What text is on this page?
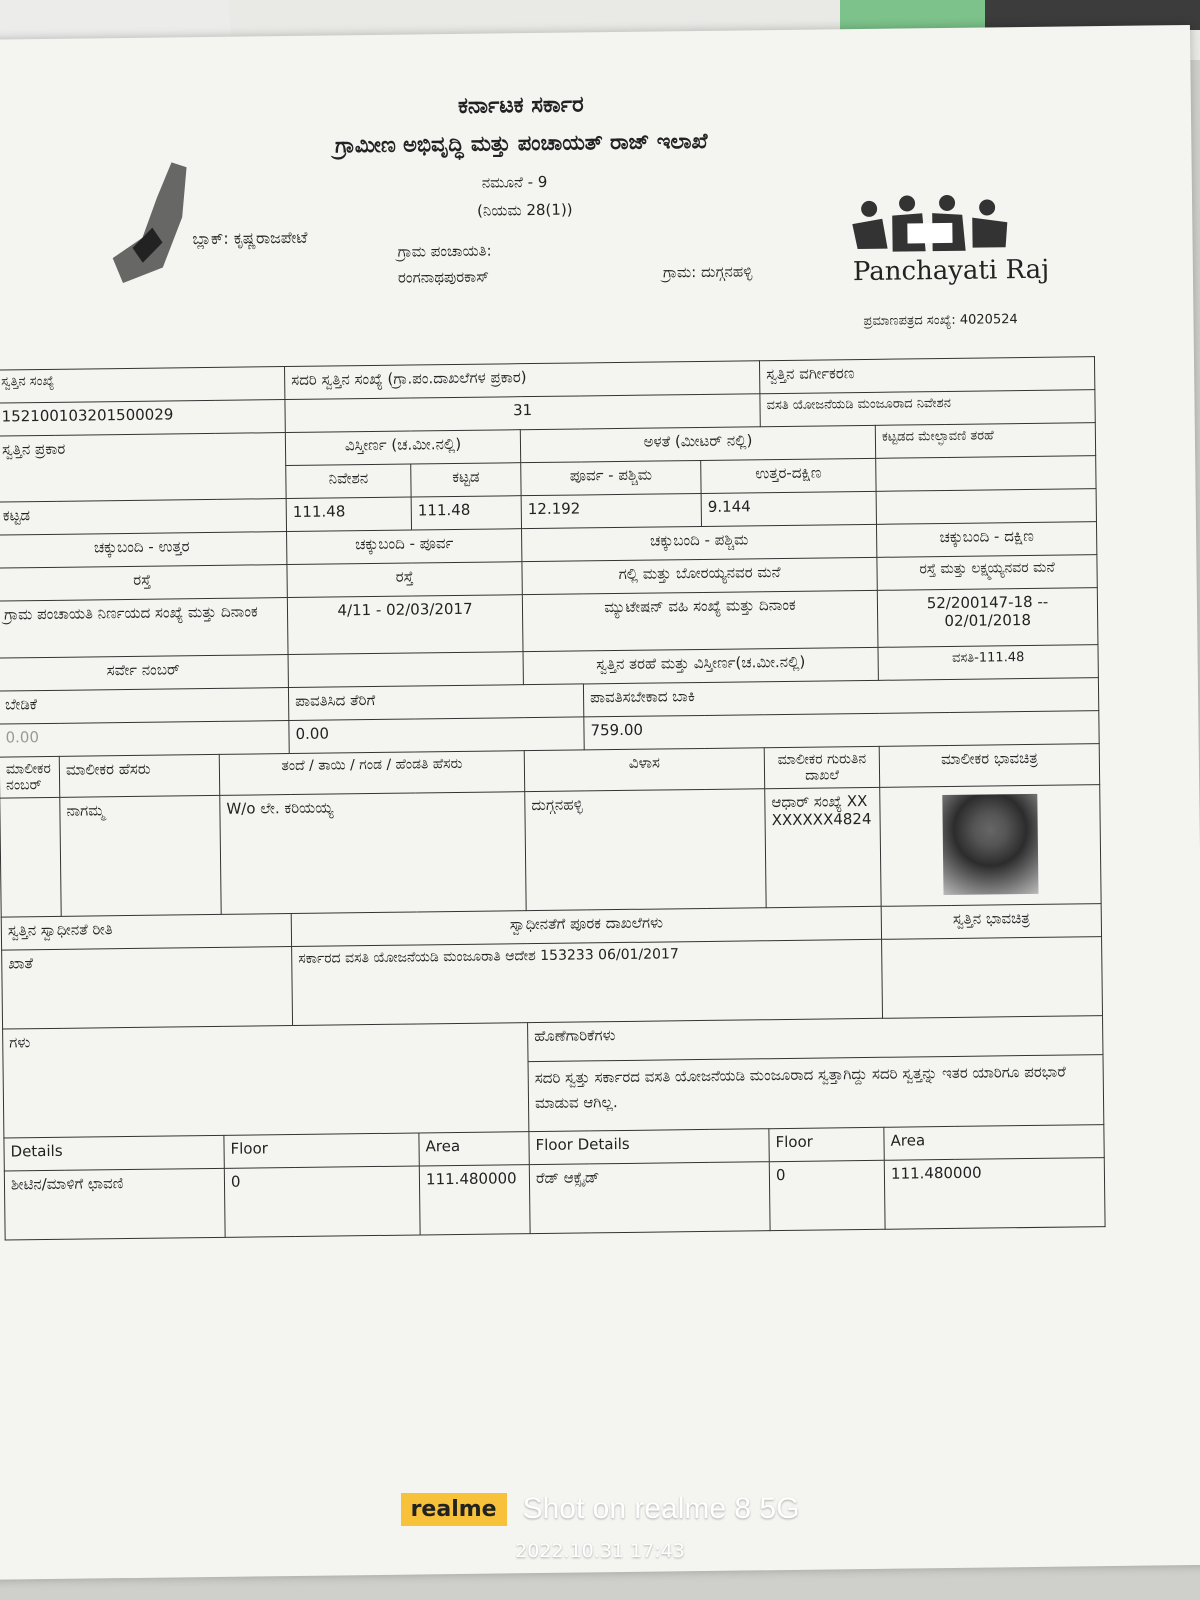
ಕರ್ನಾಟಕ ಸರ್ಕಾರ
ಗ್ರಾಮೀಣ ಅಭಿವೃದ್ಧಿ ಮತ್ತು ಪಂಚಾಯತ್ ರಾಜ್ ಇಲಾಖೆ
ನಮೂನೆ - 9
(ನಿಯಮ 28(1))
ಬ್ಲಾಕ್: ಕೃಷ್ಣರಾಜಪೇಟೆ
ಗ್ರಾಮ ಪಂಚಾಯತಿ:
ರಂಗನಾಥಪುರಕಾಸ್	ಗ್ರಾಮ: ದುಗ್ಗನಹಳ್ಳಿ	Panchayati Raj
ಪ್ರಮಾಣಪತ್ರದ ಸಂಖ್ಯೆ: 4020524
ಸ್ವತ್ತಿನ ಸಂಖ್ಯೆ			ಸದರಿ ಸ್ವತ್ತಿನ ಸಂಖ್ಯೆ (ಗ್ರಾ.ಪಂ.ದಾಖಲೆಗಳ ಪ್ರಕಾರ)					ಸ್ವತ್ತಿನ ವರ್ಗೀಕರಣ	
152100103201500029			31					ವಸತಿ ಯೋಜನೆಯಡಿ ಮಂಜೂರಾದ ನಿವೇಶನ	
ಸ್ವತ್ತಿನ ಪ್ರಕಾರ			ವಿಸ್ತೀರ್ಣ (ಚ.ಮೀ.ನಲ್ಲಿ)		ಅಳತೆ (ಮೀಟರ್ ನಲ್ಲಿ)				ಕಟ್ಟಡದ ಮೇಲ್ಛಾವಣಿ ತರಹೆ
			ನಿವೇಶನ	ಕಟ್ಟಡ	ಪೂರ್ವ - ಪಶ್ಚಿಮ		ಉತ್ತರ-ದಕ್ಷಿಣ		
ಕಟ್ಟಡ			111.48	111.48	12.192		9.144		
ಚಕ್ಕುಬಂದಿ - ಉತ್ತರ			ಚಕ್ಕುಬಂದಿ - ಪೂರ್ವ		ಚಕ್ಕುಬಂದಿ - ಪಶ್ಚಿಮ				ಚಕ್ಕುಬಂದಿ - ದಕ್ಷಿಣ
ರಸ್ತೆ			ರಸ್ತೆ		ಗಲ್ಲಿ ಮತ್ತು ಬೋರಯ್ಯನವರ ಮನೆ				ರಸ್ತೆ ಮತ್ತು ಲಕ್ಷ್ಮಯ್ಯನವರ ಮನೆ
ಗ್ರಾಮ ಪಂಚಾಯತಿ ನಿರ್ಣಯದ ಸಂಖ್ಯೆ ಮತ್ತು ದಿನಾಂಕ			4/11 - 02/03/2017		ಮ್ಯುಟೇಷನ್ ವಹಿ ಸಂಖ್ಯೆ ಮತ್ತು ದಿನಾಂಕ				52/200147-18 -- 02/01/2018
ಸರ್ವೇ ನಂಬರ್					ಸ್ವತ್ತಿನ ತರಹೆ ಮತ್ತು ವಿಸ್ತೀರ್ಣ(ಚ.ಮೀ.ನಲ್ಲಿ)				ವಸತಿ-111.48
ಬೇಡಿಕೆ			ಪಾವತಿಸಿದ ತೆರಿಗೆ			ಪಾವತಿಸಬೇಕಾದ ಬಾಕಿ			
0.00			0.00			759.00			
ಮಾಲೀಕರ ನಂಬರ್	ಮಾಲೀಕರ ಹೆಸರು	ತಂದೆ / ತಾಯಿ / ಗಂಡ / ಹೆಂಡತಿ ಹೆಸರು			ವಿಳಾಸ			ಮಾಲೀಕರ ಗುರುತಿನ ದಾಖಲೆ	ಮಾಲೀಕರ ಭಾವಚಿತ್ರ
	ನಾಗಮ್ಮ	W/o ಲೇ. ಕರಿಯಯ್ಯ			ದುಗ್ಗನಹಳ್ಳಿ			ಆಧಾರ್ ಸಂಖ್ಯೆ XXXXXXXX4824	

ಸ್ವತ್ತಿನ ಸ್ವಾಧೀನತೆ ರೀತಿ			ಸ್ವಾಧೀನತೆಗೆ ಪೂರಕ ದಾಖಲೆಗಳು						ಸ್ವತ್ತಿನ ಭಾವಚಿತ್ರ
ಖಾತೆ			ಸರ್ಕಾರದ ವಸತಿ ಯೋಜನೆಯಡಿ ಮಂಜೂರಾತಿ ಆದೇಶ 153233 06/01/2017						
ಗಳು					ಹೊಣೆಗಾರಿಕೆಗಳು				
					ಸದರಿ ಸ್ವತ್ತು ಸರ್ಕಾರದ ವಸತಿ ಯೋಜನೆಯಡಿ ಮಂಜೂರಾದ ಸ್ವತ್ತಾಗಿದ್ದು ಸದರಿ ಸ್ವತ್ತನ್ನು ಇತರ ಯಾರಿಗೂ ಪರಭಾರೆ ಮಾಡುವ ಆಗಿಲ್ಲ.				
Details		Floor		Area	Floor Details			Floor	Area
ಶೀಟಿನ/ಮಾಳಿಗೆ ಛಾವಣಿ		0		111.480000	ರೆಡ್ ಆಕ್ಸೈಡ್			0	111.480000
realme Shot on realme 8 5G
2022.10.31 17:43
